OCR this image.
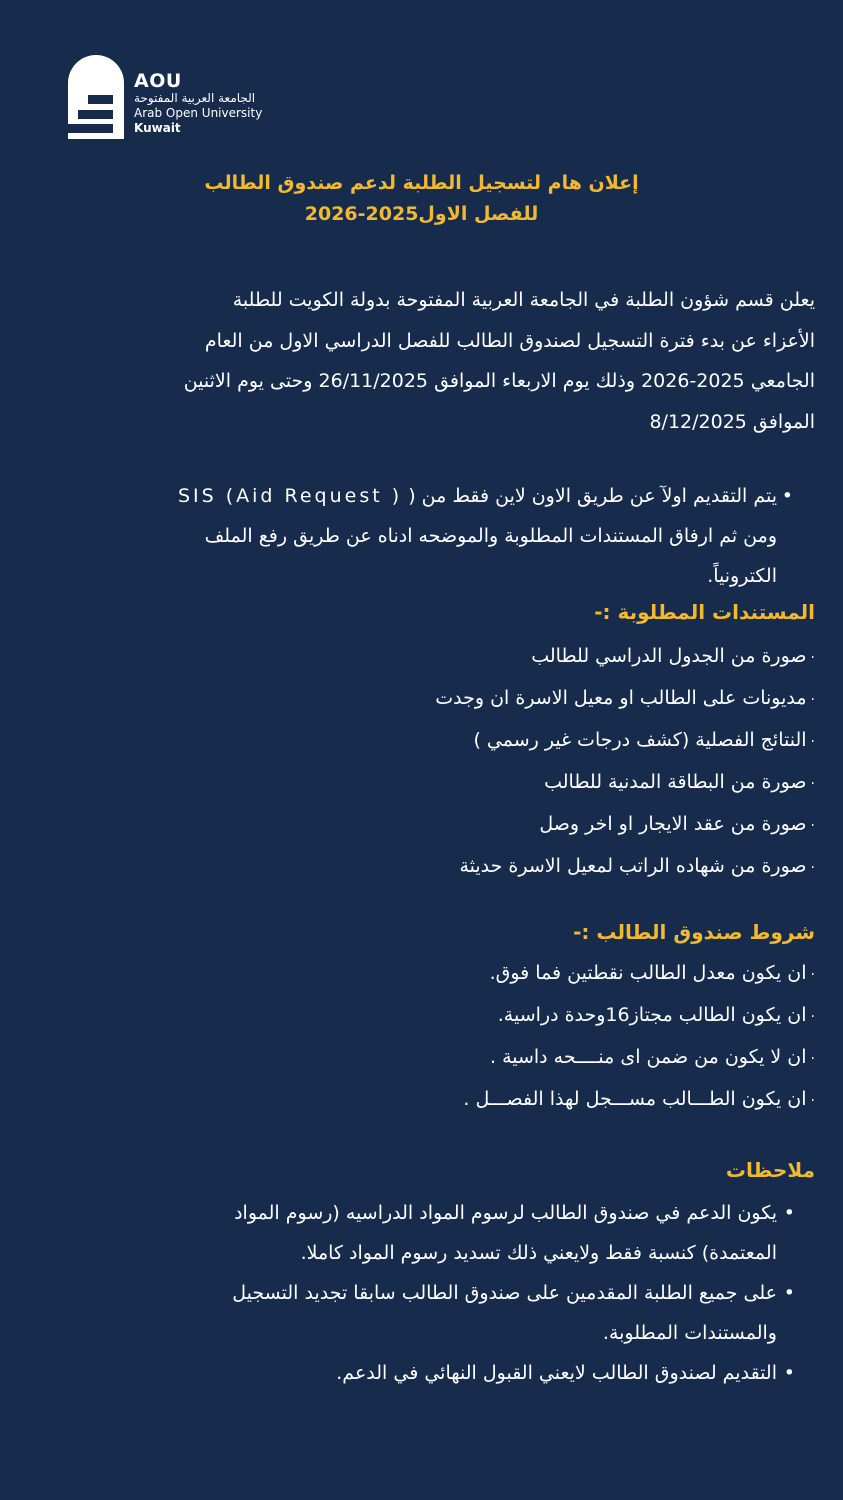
AOU
الجامعة العربية المفتوحة
Arab Open University
Kuwait
إعلان هام لتسجيل الطلبة لدعم صندوق الطالب
للفصل الاول2025-2026
يعلن قسم شؤون الطلبة في الجامعة العربية المفتوحة بدولة الكويت للطلبة
الأعزاء عن بدء فترة التسجيل لصندوق الطالب للفصل الدراسي الاول من العام
الجامعي 2025-2026 وذلك يوم الاربعاء الموافق 26/11/2025 وحتى يوم الاثنين
الموافق 8/12/2025
•
يتم التقديم اولآ عن طريق الاون لاين فقط من ( SIS (Aid Request )
ومن ثم ارفاق المستندات المطلوبة والموضحه ادناه عن طريق رفع الملف
الكترونياً.
المستندات المطلوبة :-
·صورة من الجدول الدراسي للطالب
·مديونات على الطالب او معيل الاسرة ان وجدت
·النتائج الفصلية (كشف درجات غير رسمي )
·صورة من البطاقة المدنية للطالب
·صورة من عقد الايجار او اخر وصل
·صورة من شهاده الراتب لمعيل الاسرة حديثة
شروط صندوق الطالب :-
·ان يكون معدل الطالب نقطتين فما فوق.
·ان يكون الطالب مجتاز16وحدة دراسية.
·ان لا يكون من ضمن اى منــــحه داسية .
·ان يكون الطـــالب مســـجل لهذا الفصـــل .
ملاحظات
•
يكون الدعم في صندوق الطالب لرسوم المواد الدراسيه (رسوم المواد
المعتمدة) كنسبة فقط ولايعني ذلك تسديد رسوم المواد كاملا.
•
على جميع الطلبة المقدمين على صندوق الطالب سابقا تجديد التسجيل
والمستندات المطلوبة.
•
التقديم لصندوق الطالب لايعني القبول النهائي في الدعم.
